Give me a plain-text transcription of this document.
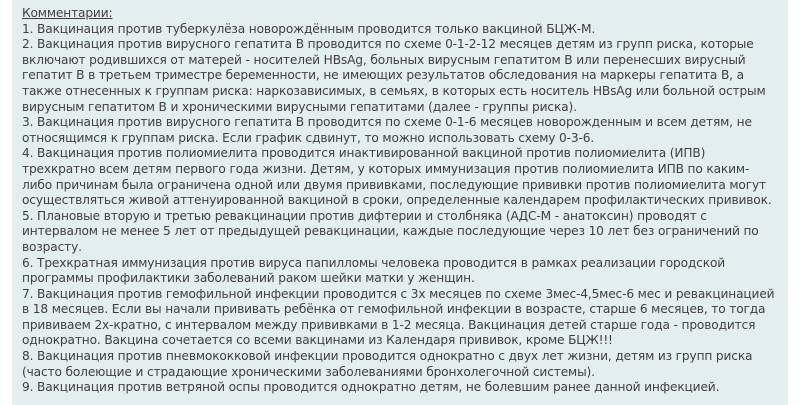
Комментарии:

1. Вакцинация против туберкулёза новорождённым проводится только вакциной БЦЖ-М.

2. Вакцинация против вирусного гепатита В проводится по схеме 0-1-2-12 месяцев детям из групп риска, которые включают родившихся от матерей - носителей HBsAg, больных вирусным гепатитом В или перенесших вирусный гепатит В в третьем триместре беременности, не имеющих результатов обследования на маркеры гепатита В, а также отнесенных к группам риска: наркозависимых, в семьях, в которых есть носитель HBsAg или больной острым вирусным гепатитом В и хроническими вирусными гепатитами (далее - группы риска).

3. Вакцинация против вирусного гепатита В проводится по схеме 0-1-6 месяцев новорожденным и всем детям, не относящимся к группам риска. Если график сдвинут, то можно использовать схему 0-3-6.

4. Вакцинация против полиомиелита проводится инактивированной вакциной против полиомиелита (ИПВ) трехкратно всем детям первого года жизни. Детям, у которых иммунизация против полиомиелита ИПВ по каким-либо причинам была ограничена одной или двумя прививками, последующие прививки против полиомиелита могут осуществляться живой аттенуированной вакциной в сроки, определенные календарем профилактических прививок.

5. Плановые вторую и третью ревакцинации против дифтерии и столбняка (АДС-М - анатоксин) проводят с интервалом не менее 5 лет от предыдущей ревакцинации, каждые последующие через 10 лет без ограничений по возрасту.

6. Трехкратная иммунизация против вируса папилломы человека проводится в рамках реализации городской программы профилактики заболеваний раком шейки матки у женщин.

7. Вакцинация против гемофильной инфекции проводится с 3х месяцев по схеме 3мес-4,5мес-6 мес и ревакцинацией в 18 месяцев. Если вы начали прививать ребёнка от гемофильной инфекции в возрасте, старше 6 месяцев, то тогда прививаем 2х-кратно, с интервалом между прививками в 1-2 месяца. Вакцинация детей старше года - проводится однократно. Вакцина сочетается со всеми вакцинами из Календаря прививок, кроме БЦЖ!!!

8. Вакцинация против пневмококковой инфекции проводится однократно с двух лет жизни, детям из групп риска (часто болеющие и страдающие хроническими заболеваниями бронхолегочной системы).

9. Вакцинация против ветряной оспы проводится однократно детям, не болевшим ранее данной инфекцией.
